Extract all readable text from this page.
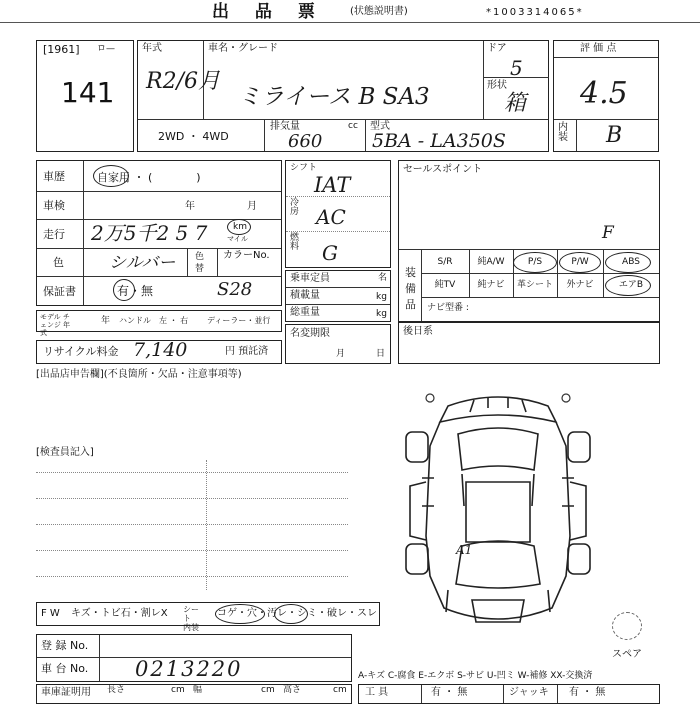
出 品 票	(状態説明書)	*1003314065*
[1961] ロ—
141
年式
R2/6月
車名・グレード
ミライース B SA3
ドア
5
形状
箱
2WD ・ 4WD
排気量	cc
660
型式
5BA - LA350S
評 価 点
4.5
内装 B
車歴	自家用 ・ (　　　　)
車検	年	月
走行 2万5千2 5 7	km
マイル
色	シルバー 色替
カラーNo.
保証書	有・無	S28
モデル チェンジ 年式
年 ハンドル　左 ・ 右 ディーラー・並行
リサイクル料金 7,140	円 預託済
シフト
IAT
冷房 AC
燃料 G
乗車定員	名
積載量	kg
総重量	kg
名変期限
月	日
セールスポイント
装備品
S/R	純A/W	P/S	P/W	ABS
純TV	純ナビ	革シート	外ナビ	エアB
F
ナビ型番 :
後日系
[出品店申告欄](不良箇所・欠品・注意事項等)
[検査員記入]
F W キズ・トビ石・割レX シート 内装
コゲ・穴・汚レ・シミ・破レ・スレ
登 録 No.
車 台 No. 0213220
車庫証明用 長さ	cm 幅	cm 高さ	cm
A1
スペア
A-キズ C-腐食 E-エクボ S-サビ U-凹ミ W-補修 XX-交換済
工 具	有 ・ 無	ジャッキ 有 ・ 無
